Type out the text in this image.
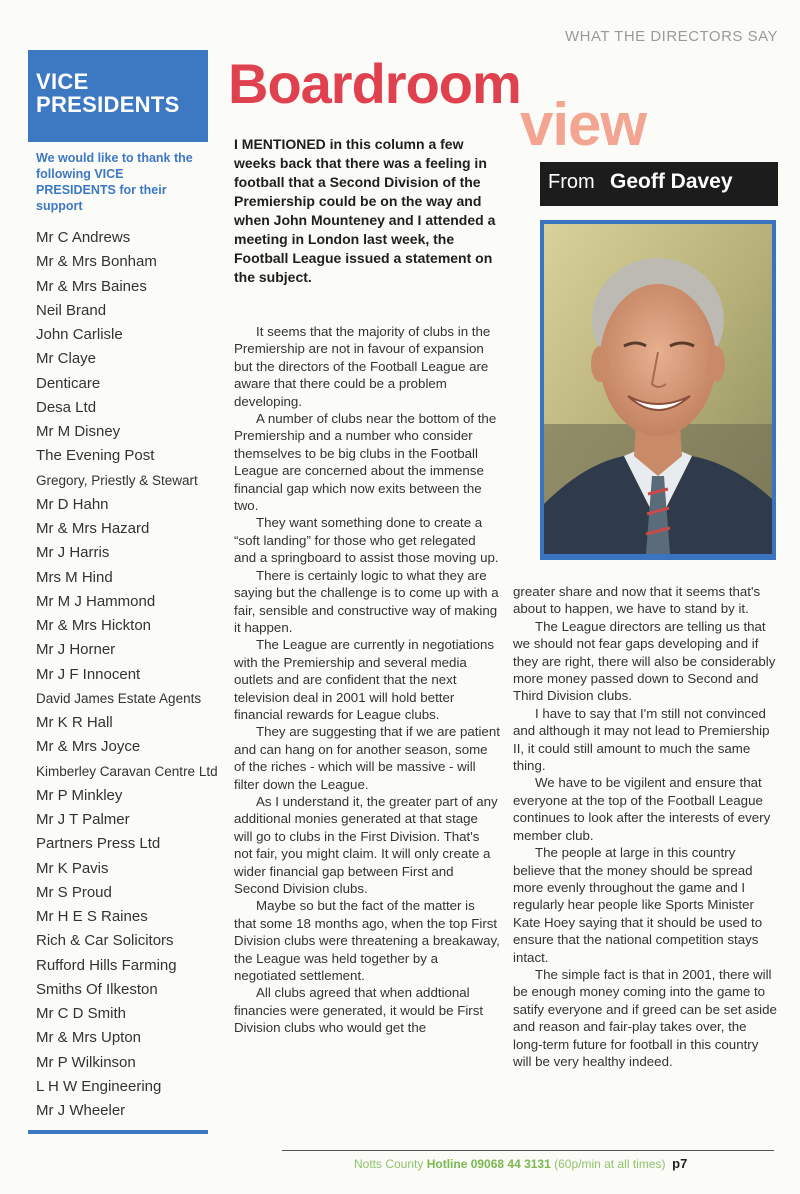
WHAT THE DIRECTORS SAY
VICE
PRESIDENTS
We would like to thank the following VICE PRESIDENTS for their support
Mr C Andrews
Mr & Mrs Bonham
Mr & Mrs Baines
Neil Brand
John Carlisle
Mr Claye
Denticare
Desa Ltd
Mr M Disney
The Evening Post
Gregory, Priestly & Stewart
Mr D Hahn
Mr & Mrs Hazard
Mr J Harris
Mrs M Hind
Mr M J Hammond
Mr & Mrs Hickton
Mr J Horner
Mr J F Innocent
David James Estate Agents
Mr K R Hall
Mr & Mrs Joyce
Kimberley Caravan Centre Ltd
Mr P Minkley
Mr J T Palmer
Partners Press Ltd
Mr K Pavis
Mr S Proud
Mr H E S Raines
Rich & Car Solicitors
Rufford Hills Farming
Smiths Of Ilkeston
Mr C D Smith
Mr & Mrs Upton
Mr P Wilkinson
L H W Engineering
Mr J Wheeler
Boardroom
view
From Geoff Davey
I MENTIONED in this column a few weeks back that there was a feeling in football that a Second Division of the Premiership could be on the way and when John Mounteney and I attended a meeting in London last week, the Football League issued a statement on the subject.

It seems that the majority of clubs in the Premiership are not in favour of expansion but the directors of the Football League are aware that there could be a problem developing.

A number of clubs near the bottom of the Premiership and a number who consider themselves to be big clubs in the Football League are concerned about the immense financial gap which now exits between the two.

They want something done to create a “soft landing” for those who get relegated and a springboard to assist those moving up.

There is certainly logic to what they are saying but the challenge is to come up with a fair, sensible and constructive way of making it happen.

The League are currently in negotiations with the Premiership and several media outlets and are confident that the next television deal in 2001 will hold better financial rewards for League clubs.

They are suggesting that if we are patient and can hang on for another season, some of the riches - which will be massive - will filter down the League.

As I understand it, the greater part of any additional monies generated at that stage will go to clubs in the First Division. That's not fair, you might claim. It will only create a wider financial gap between First and Second Division clubs.

Maybe so but the fact of the matter is that some 18 months ago, when the top First Division clubs were threatening a breakaway, the League was held together by a negotiated settlement.

All clubs agreed that when addtional financies were generated, it would be First Division clubs who would get the

greater share and now that it seems that's about to happen, we have to stand by it.

The League directors are telling us that we should not fear gaps developing and if they are right, there will also be considerably more money passed down to Second and Third Division clubs.

I have to say that I'm still not convinced and although it may not lead to Premiership II, it could still amount to much the same thing.

We have to be vigilent and ensure that everyone at the top of the Football League continues to look after the interests of every member club.

The people at large in this country believe that the money should be spread more evenly throughout the game and I regularly hear people like Sports Minister Kate Hoey saying that it should be used to ensure that the national competition stays intact.

The simple fact is that in 2001, there will be enough money coming into the game to satify everyone and if greed can be set aside and reason and fair-play takes over, the long-term future for football in this country will be very healthy indeed.

Notts County Hotline 09068 44 3131 (60p/min at all times) p7
